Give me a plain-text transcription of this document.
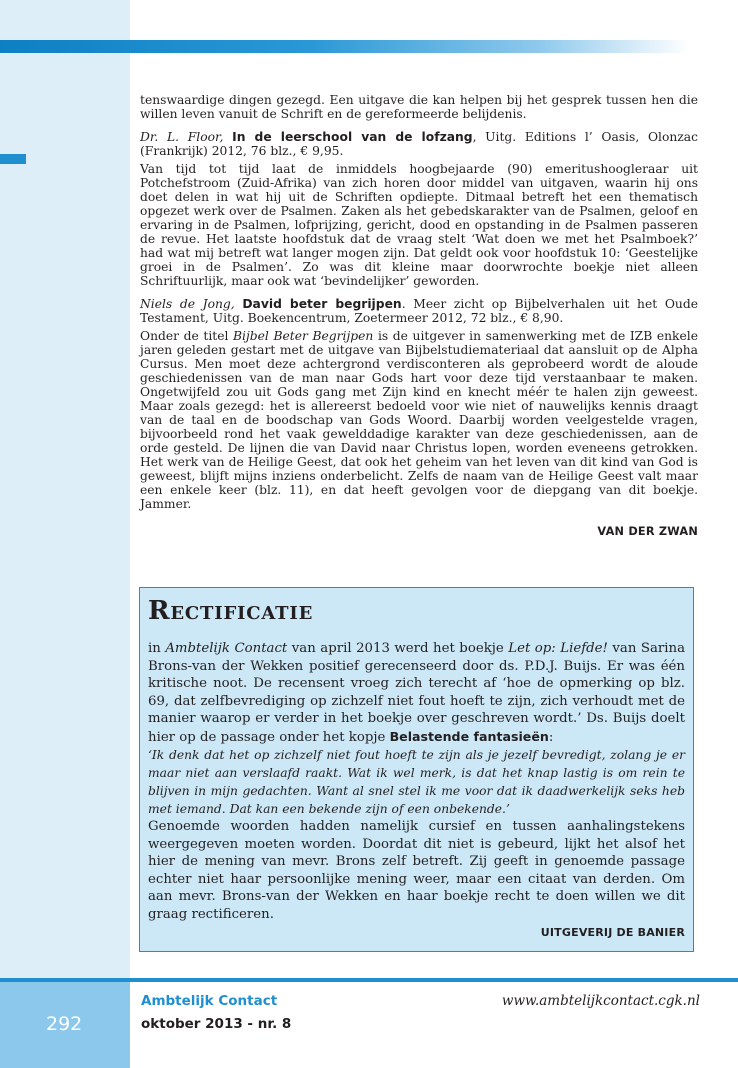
tenswaardige dingen gezegd. Een uitgave die kan helpen bij het gesprek tussen hen die willen leven vanuit de Schrift en de gereformeerde belijdenis.

Dr. L. Floor, In de leerschool van de lofzang, Uitg. Editions l’ Oasis, Olonzac (Frankrijk) 2012, 76 blz., € 9,95.

Van tijd tot tijd laat de inmiddels hoogbejaarde (90) emeritushoogleraar uit Potchefstroom (Zuid-Afrika) van zich horen door middel van uitgaven, waarin hij ons doet delen in wat hij uit de Schriften opdiepte. Ditmaal betreft het een thematisch opgezet werk over de Psalmen. Zaken als het gebedskarakter van de Psalmen, geloof en ervaring in de Psalmen, lofprijzing, gericht, dood en opstanding in de Psalmen passeren de revue. Het laatste hoofdstuk dat de vraag stelt ‘Wat doen we met het Psalmboek?’ had wat mij betreft wat langer mogen zijn. Dat geldt ook voor hoofdstuk 10: ‘Geestelijke groei in de Psalmen’. Zo was dit kleine maar doorwrochte boekje niet alleen Schriftuurlijk, maar ook wat ‘bevindelijker’ geworden.

Niels de Jong, David beter begrijpen. Meer zicht op Bijbelverhalen uit het Oude Testament, Uitg. Boekencentrum, Zoetermeer 2012, 72 blz., € 8,90.

Onder de titel Bijbel Beter Begrijpen is de uitgever in samenwerking met de IZB enkele jaren geleden gestart met de uitgave van Bijbelstudiemateriaal dat aansluit op de Alpha Cursus. Men moet deze achtergrond verdisconteren als geprobeerd wordt de aloude geschiedenissen van de man naar Gods hart voor deze tijd verstaanbaar te maken. Ongetwijfeld zou uit Gods gang met Zijn kind en knecht méér te halen zijn geweest. Maar zoals gezegd: het is allereerst bedoeld voor wie niet of nauwelijks kennis draagt van de taal en de boodschap van Gods Woord. Daarbij worden veelgestelde vragen, bijvoorbeeld rond het vaak gewelddadige karakter van deze geschiedenissen, aan de orde gesteld. De lijnen die van David naar Christus lopen, worden eveneens getrokken. Het werk van de Heilige Geest, dat ook het geheim van het leven van dit kind van God is geweest, blijft mijns inziens onderbelicht. Zelfs de naam van de Heilige Geest valt maar een enkele keer (blz. 11), en dat heeft gevolgen voor de diepgang van dit boekje. Jammer.

VAN DER ZWAN
Rectificatie

in Ambtelijk Contact van april 2013 werd het boekje Let op: Liefde! van Sarina Brons-van der Wekken positief gerecenseerd door ds. P.D.J. Buijs. Er was één kritische noot. De recensent vroeg zich terecht af ‘hoe de opmerking op blz. 69, dat zelfbevrediging op zichzelf niet fout hoeft te zijn, zich verhoudt met de manier waarop er verder in het boekje over geschreven wordt.’ Ds. Buijs doelt hier op de passage onder het kopje Belastende fantasieën:

‘Ik denk dat het op zichzelf niet fout hoeft te zijn als je jezelf bevredigt, zolang je er maar niet aan verslaafd raakt. Wat ik wel merk, is dat het knap lastig is om rein te blijven in mijn gedachten. Want al snel stel ik me voor dat ik daadwerkelijk seks heb met iemand. Dat kan een bekende zijn of een onbekende.’

Genoemde woorden hadden namelijk cursief en tussen aanhalingstekens weergegeven moeten worden. Doordat dit niet is gebeurd, lijkt het alsof het hier de mening van mevr. Brons zelf betreft. Zij geeft in genoemde passage echter niet haar persoonlijke mening weer, maar een citaat van derden. Om aan mevr. Brons-van der Wekken en haar boekje recht te doen willen we dit graag rectificeren.

UITGEVERIJ DE BANIER
292
Ambtelijk Contact
oktober 2013 - nr. 8
www.ambtelijkcontact.cgk.nl
